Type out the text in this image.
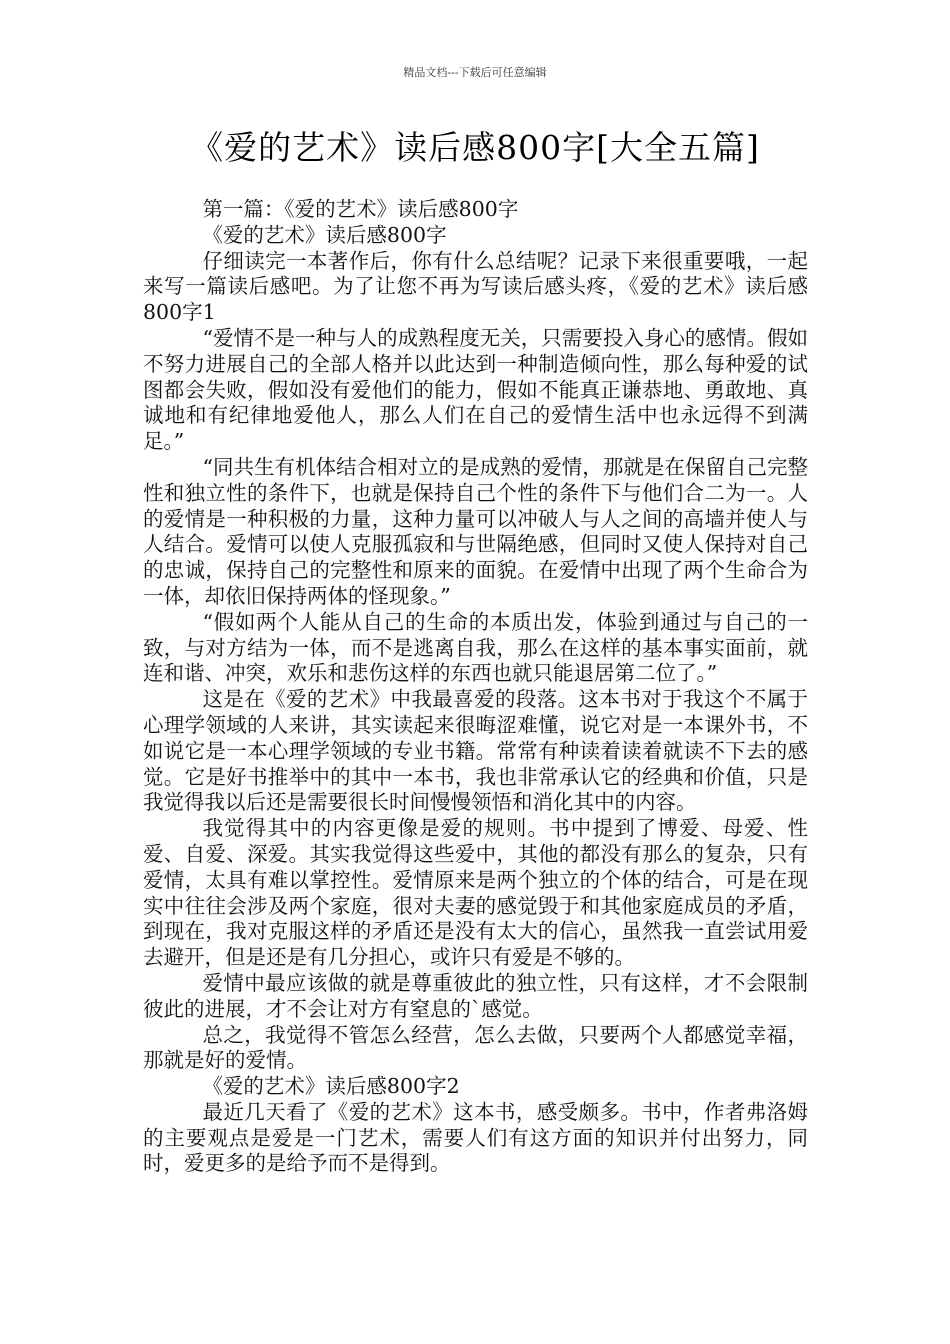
精品文档---下载后可任意编辑
《爱的艺术》读后感800字[大全五篇]

第一篇：《爱的艺术》读后感800字

《爱的艺术》读后感800字

仔细读完一本著作后，你有什么总结呢？记录下来很重要哦，一起来写一篇读后感吧。为了让您不再为写读后感头疼，《爱的艺术》读后感800字1

“爱情不是一种与人的成熟程度无关，只需要投入身心的感情。假如不努力进展自己的全部人格并以此达到一种制造倾向性，那么每种爱的试图都会失败，假如没有爱他们的能力，假如不能真正谦恭地、勇敢地、真诚地和有纪律地爱他人，那么人们在自己的爱情生活中也永远得不到满足。”

“同共生有机体结合相对立的是成熟的爱情，那就是在保留自己完整性和独立性的条件下，也就是保持自己个性的条件下与他们合二为一。人的爱情是一种积极的力量，这种力量可以冲破人与人之间的高墙并使人与人结合。爱情可以使人克服孤寂和与世隔绝感，但同时又使人保持对自己的忠诚，保持自己的完整性和原来的面貌。在爱情中出现了两个生命合为一体，却依旧保持两体的怪现象。”

“假如两个人能从自己的生命的本质出发，体验到通过与自己的一致，与对方结为一体，而不是逃离自我，那么在这样的基本事实面前，就连和谐、冲突，欢乐和悲伤这样的东西也就只能退居第二位了。”

这是在《爱的艺术》中我最喜爱的段落。这本书对于我这个不属于心理学领域的人来讲，其实读起来很晦涩难懂，说它对是一本课外书，不如说它是一本心理学领域的专业书籍。常常有种读着读着就读不下去的感觉。它是好书推举中的其中一本书，我也非常承认它的经典和价值，只是我觉得我以后还是需要很长时间慢慢领悟和消化其中的内容。

我觉得其中的内容更像是爱的规则。书中提到了博爱、母爱、性爱、自爱、深爱。其实我觉得这些爱中，其他的都没有那么的复杂，只有爱情，太具有难以掌控性。爱情原来是两个独立的个体的结合，可是在现实中往往会涉及两个家庭，很对夫妻的感觉毁于和其他家庭成员的矛盾，到现在，我对克服这样的矛盾还是没有太大的信心，虽然我一直尝试用爱去避开，但是还是有几分担心，或许只有爱是不够的。

爱情中最应该做的就是尊重彼此的独立性，只有这样，才不会限制彼此的进展，才不会让对方有窒息的`感觉。

总之，我觉得不管怎么经营，怎么去做，只要两个人都感觉幸福，那就是好的爱情。

《爱的艺术》读后感800字2

最近几天看了《爱的艺术》这本书，感受颇多。书中，作者弗洛姆的主要观点是爱是一门艺术，需要人们有这方面的知识并付出努力，同时，爱更多的是给予而不是得到。
